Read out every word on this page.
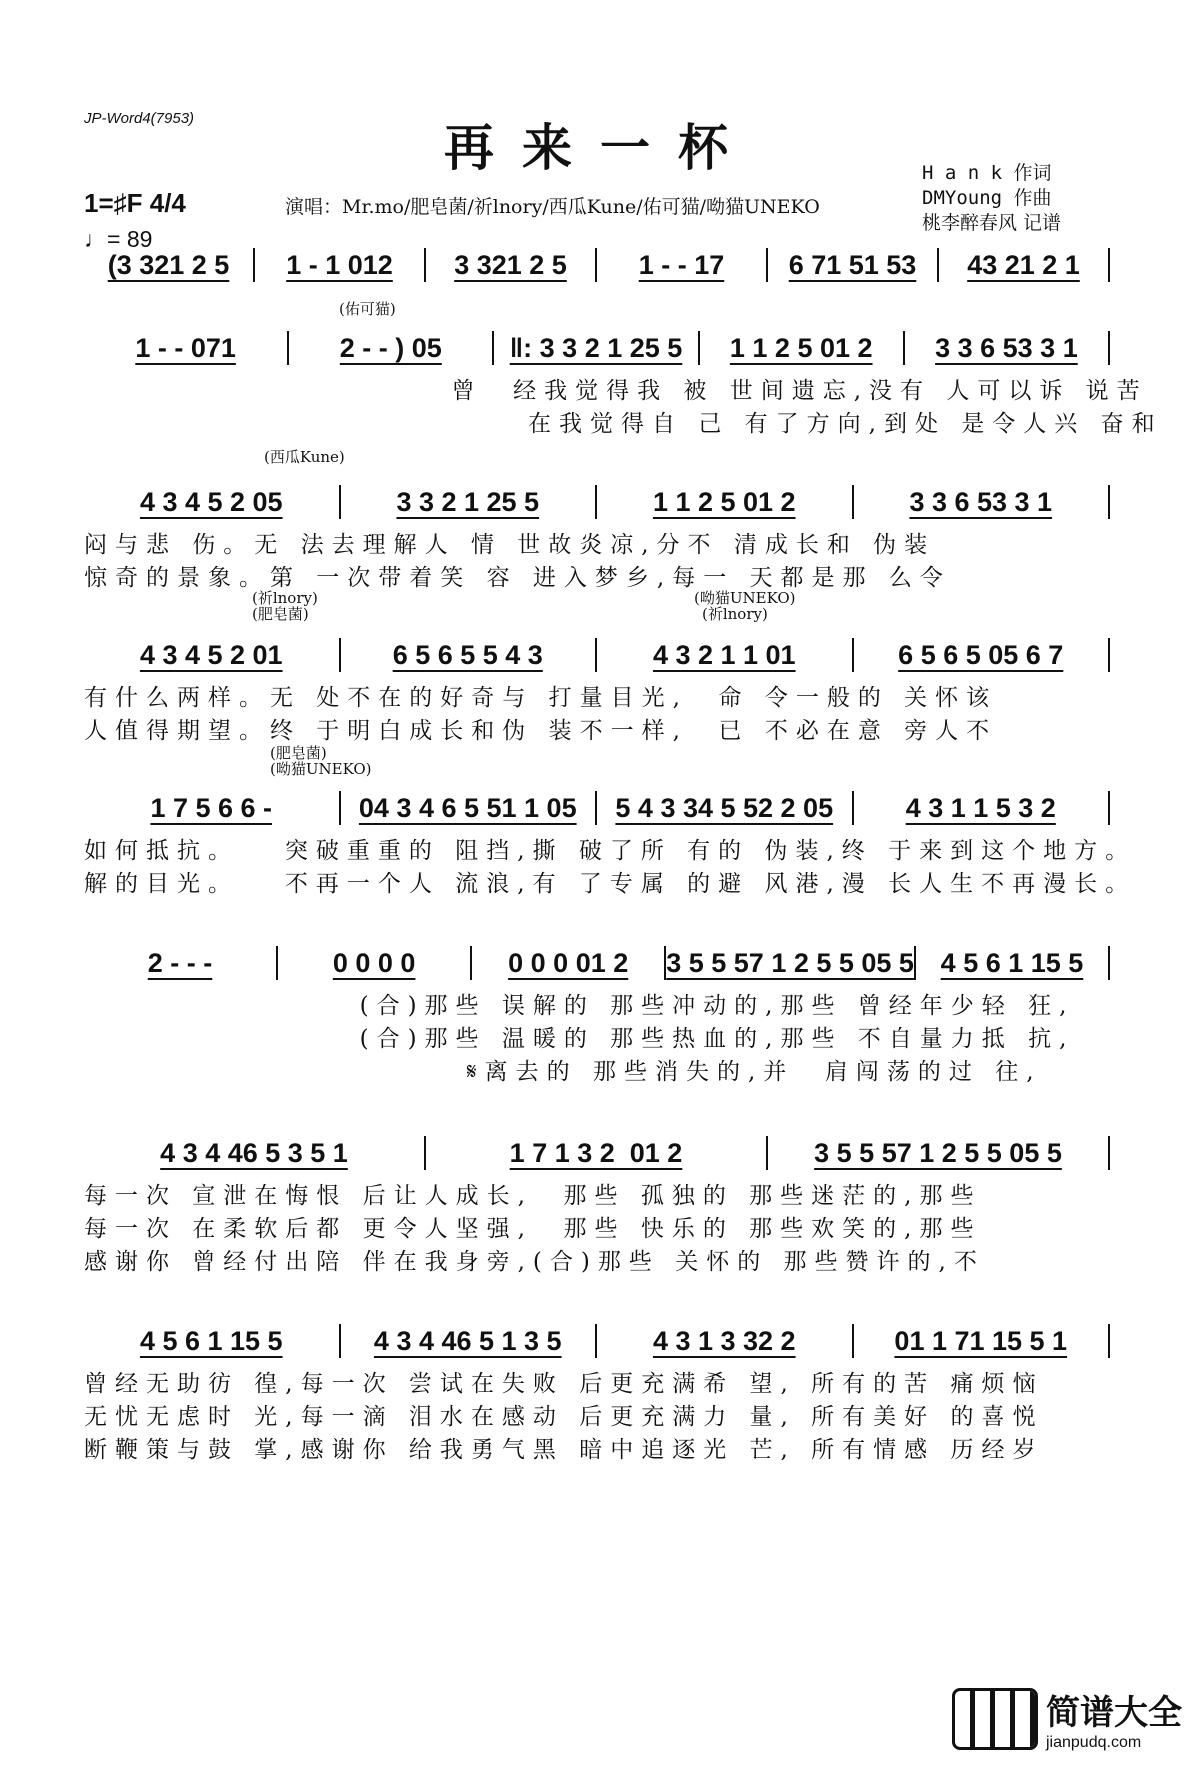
JP-Word4(7953)	再来一杯
1=♯F 4/4
♩= 89
演唱：Mr.mo/肥皂菌/祈lnory/西瓜Kune/佑可猫/呦猫UNEKO
H a n k 作词
DMYoung 作曲
桃李醉春风 记谱
(3 321 2 5	1 - 1 012	3 321 2 5	1 - - 17	6 71 51 53	43 21 2 1
1 - - 071	2 - - ) 05	‖: 3 3 2 1 25 5	1 1 2 5 01 2	3 3 6 53 3 1
曾  经我觉得我 被 世间遗忘,没有 人可以诉 说苦
在我觉得自 己 有了方向,到处 是令人兴 奋和
(佑可猫)
4 3 4 5 2 05	3 3 2 1 25 5	1 1 2 5 01 2	3 3 6 53 3 1
闷与悲 伤。无 法去理解人 情 世故炎凉,分不 清成长和 伪装
惊奇的景象。第 一次带着笑 容 进入梦乡,每一 天都是那 么令
(西瓜Kune)
4 3 4 5 2 01	6 5 6 5 5 4 3	4 3 2 1 1 01	6 5 6 5 05 6 7
有什么两样。无 处不在的好奇与 打量目光,  命 令一般的 关怀该
人值得期望。终 于明白成长和伪 装不一样,  已 不必在意 旁人不
(祈lnory)
(肥皂菌)
(呦猫UNEKO)
(祈lnory)
1 7 5 6 6 -	04 3 4 6 5 51 1 05	5 4 3 34 5 52 2 05	4 3 1 1 5 3 2
如何抵抗。   突破重重的 阻挡,撕 破了所 有的 伪装,终 于来到这个地方。
解的目光。   不再一个人 流浪,有 了专属 的避 风港,漫 长人生不再漫长。
(肥皂菌)
(呦猫UNEKO)
2 - - -	0 0 0 0	0 0 0 01 2	3 5 5 57 1 2 5 5 05 5 4 5 6 1 15 5
(合)那些 误解的 那些冲动的,那些 曾经年少轻 狂,
(合)那些 温暖的 那些热血的,那些 不自量力抵 抗,
𝄋离去的 那些消失的,并  肩闯荡的过 往,
4 3 4 46 5 3 5 1	1 7 1 3 2  01 2	3 5 5 57 1 2 5 5 05 5
每一次 宣泄在悔恨 后让人成长,  那些 孤独的 那些迷茫的,那些
每一次 在柔软后都 更令人坚强,  那些 快乐的 那些欢笑的,那些
感谢你 曾经付出陪 伴在我身旁,(合)那些 关怀的 那些赞许的,不
4 5 6 1 15 5	4 3 4 46 5 1 3 5	4 3 1 3 32 2	01 1 71 15 5 1
曾经无助彷 徨,每一次 尝试在失败 后更充满希 望, 所有的苦 痛烦恼
无忧无虑时 光,每一滴 泪水在感动 后更充满力 量, 所有美好 的喜悦
断鞭策与鼓 掌,感谢你 给我勇气黑 暗中追逐光 芒, 所有情感 历经岁
简谱大全
jianpudq.com
